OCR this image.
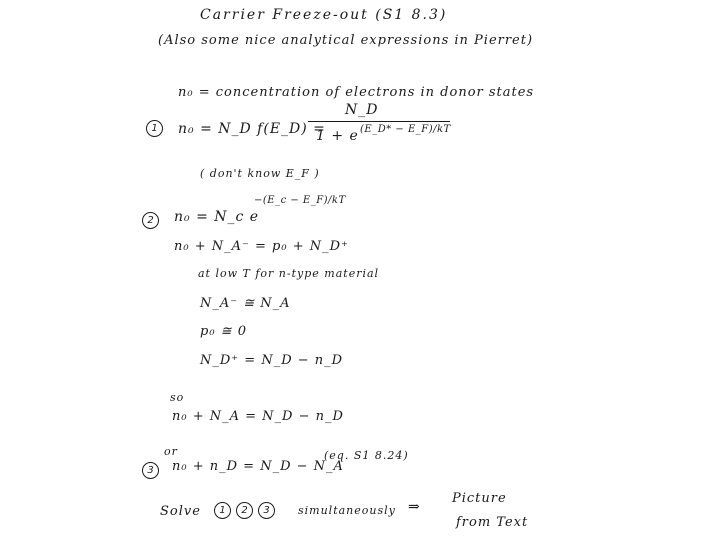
Carrier Freeze-out (S1 8.3)
(Also some nice analytical expressions in Pierret)
n₀ = concentration of electrons in donor states
1	n₀ = N_D f(E_D) =
N_D
1 + e (E_D* − E_F)/kT
( don't know E_F )
2	n₀ = N_c e
−(E_c − E_F)/kT
n₀ + N_A⁻ = p₀ + N_D⁺
at low T for n-type material
N_A⁻ ≅ N_A
p₀ ≅ 0
N_D⁺ = N_D − n_D
so
n₀ + N_A = N_D − n_D
or
3	n₀ + n_D = N_D − N_A
(eq. S1 8.24)
Solve	1	2	3	simultaneously ⇒
Picture
from Text
